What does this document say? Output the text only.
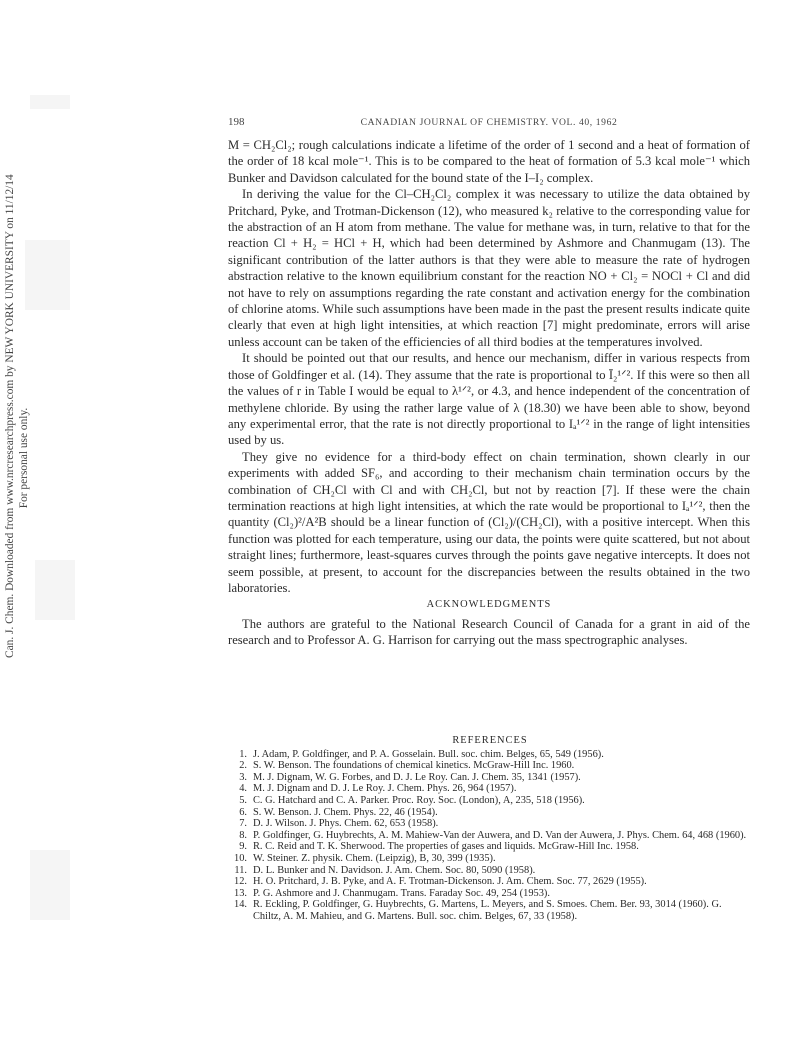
Can. J. Chem. Downloaded from www.nrcresearchpress.com by NEW YORK UNIVERSITY on 11/12/14 For personal use only.
198	CANADIAN JOURNAL OF CHEMISTRY. VOL. 40, 1962

M = CH₂Cl₂; rough calculations indicate a lifetime of the order of 1 second and a heat of formation of the order of 18 kcal mole⁻¹. This is to be compared to the heat of formation of 5.3 kcal mole⁻¹ which Bunker and Davidson calculated for the bound state of the I–I₂ complex.

In deriving the value for the Cl–CH₂Cl₂ complex it was necessary to utilize the data obtained by Pritchard, Pyke, and Trotman-Dickenson (12), who measured k₂ relative to the corresponding value for the abstraction of an H atom from methane. The value for methane was, in turn, relative to that for the reaction Cl + H₂ = HCl + H, which had been determined by Ashmore and Chanmugam (13). The significant contribution of the latter authors is that they were able to measure the rate of hydrogen abstraction relative to the known equilibrium constant for the reaction NO + Cl₂ = NOCl + Cl and did not have to rely on assumptions regarding the rate constant and activation energy for the combination of chlorine atoms. While such assumptions have been made in the past the present results indicate quite clearly that even at high light intensities, at which reaction [7] might predominate, errors will arise unless account can be taken of the efficiencies of all third bodies at the temperatures involved.

It should be pointed out that our results, and hence our mechanism, differ in various respects from those of Goldfinger et al. (14). They assume that the rate is proportional to Ī₂¹ᐟ². If this were so then all the values of r in Table I would be equal to λ¹ᐟ², or 4.3, and hence independent of the concentration of methylene chloride. By using the rather large value of λ (18.30) we have been able to show, beyond any experimental error, that the rate is not directly proportional to Iₐ¹ᐟ² in the range of light intensities used by us.

They give no evidence for a third-body effect on chain termination, shown clearly in our experiments with added SF₆, and according to their mechanism chain termination occurs by the combination of CH₂Cl with Cl and with CH₂Cl, but not by reaction [7]. If these were the chain termination reactions at high light intensities, at which the rate would be proportional to Iₐ¹ᐟ², then the quantity (Cl₂)²/A²B should be a linear function of (Cl₂)/(CH₂Cl), with a positive intercept. When this function was plotted for each temperature, using our data, the points were quite scattered, but not about straight lines; furthermore, least-squares curves through the points gave negative intercepts. It does not seem possible, at present, to account for the discrepancies between the results obtained in the two laboratories.

ACKNOWLEDGMENTS

The authors are grateful to the National Research Council of Canada for a grant in aid of the research and to Professor A. G. Harrison for carrying out the mass spectrographic analyses.

REFERENCES
1. J. Adam, P. Goldfinger, and P. A. Gosselain. Bull. soc. chim. Belges, 65, 549 (1956).
2. S. W. Benson. The foundations of chemical kinetics. McGraw-Hill Inc. 1960.
3. M. J. Dignam, W. G. Forbes, and D. J. Le Roy. Can. J. Chem. 35, 1341 (1957).
4. M. J. Dignam and D. J. Le Roy. J. Chem. Phys. 26, 964 (1957).
5. C. G. Hatchard and C. A. Parker. Proc. Roy. Soc. (London), A, 235, 518 (1956).
6. S. W. Benson. J. Chem. Phys. 22, 46 (1954).
7. D. J. Wilson. J. Phys. Chem. 62, 653 (1958).
8. P. Goldfinger, G. Huybrechts, A. M. Mahiew-Van der Auwera, and D. Van der Auwera, J. Phys. Chem. 64, 468 (1960).
9. R. C. Reid and T. K. Sherwood. The properties of gases and liquids. McGraw-Hill Inc. 1958.
10. W. Steiner. Z. physik. Chem. (Leipzig), B, 30, 399 (1935).
11. D. L. Bunker and N. Davidson. J. Am. Chem. Soc. 80, 5090 (1958).
12. H. O. Pritchard, J. B. Pyke, and A. F. Trotman-Dickenson. J. Am. Chem. Soc. 77, 2629 (1955).
13. P. G. Ashmore and J. Chanmugam. Trans. Faraday Soc. 49, 254 (1953).
14. R. Eckling, P. Goldfinger, G. Huybrechts, G. Martens, L. Meyers, and S. Smoes. Chem. Ber. 93, 3014 (1960). G. Chiltz, A. M. Mahieu, and G. Martens. Bull. soc. chim. Belges, 67, 33 (1958).
